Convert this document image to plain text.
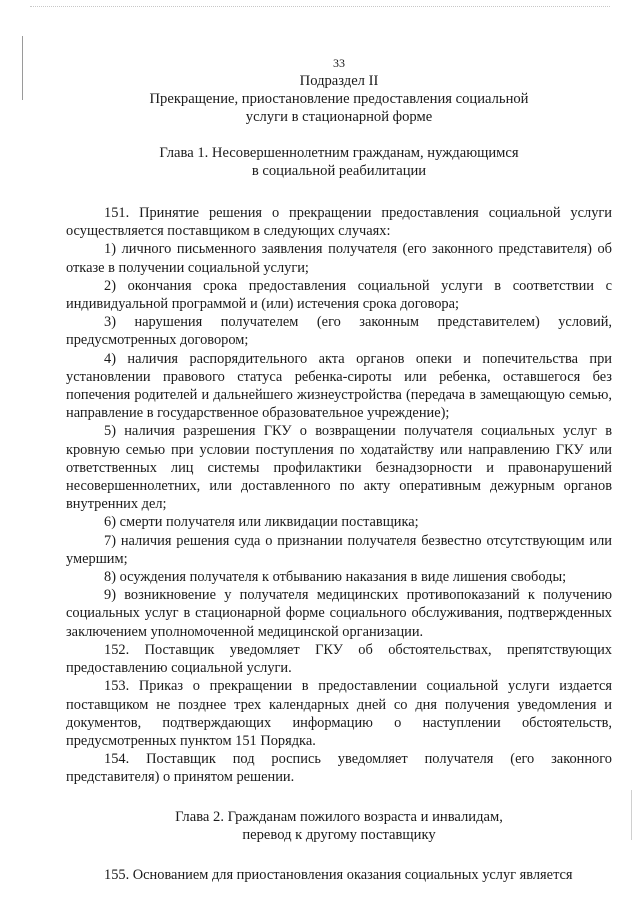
33

Подраздел II

Прекращение, приостановление предоставления социальной

услуги в стационарной форме

Глава 1. Несовершеннолетним гражданам, нуждающимся

в социальной реабилитации

151. Принятие решения о прекращении предоставления социальной услуги осуществляется поставщиком в следующих случаях:

1) личного письменного заявления получателя (его законного представителя) об отказе в получении социальной услуги;

2) окончания срока предоставления социальной услуги в соответствии с индивидуальной программой и (или) истечения срока договора;

3) нарушения получателем (его законным представителем) условий, предусмотренных договором;

4) наличия распорядительного акта органов опеки и попечительства при установлении правового статуса ребенка-сироты или ребенка, оставшегося без попечения родителей и дальнейшего жизнеустройства (передача в замещающую семью, направление в государственное образовательное учреждение);

5) наличия разрешения ГКУ о возвращении получателя социальных услуг в кровную семью при условии поступления по ходатайству или направлению ГКУ или ответственных лиц системы профилактики безнадзорности и правонарушений несовершеннолетних, или доставленного по акту оперативным дежурным органов внутренних дел;

6) смерти получателя или ликвидации поставщика;

7) наличия решения суда о признании получателя безвестно отсутствующим или умершим;

8) осуждения получателя к отбыванию наказания в виде лишения свободы;

9) возникновение у получателя медицинских противопоказаний к получению социальных услуг в стационарной форме социального обслуживания, подтвержденных заключением уполномоченной медицинской организации.

152. Поставщик уведомляет ГКУ об обстоятельствах, препятствующих предоставлению социальной услуги.

153. Приказ о прекращении в предоставлении социальной услуги издается поставщиком не позднее трех календарных дней со дня получения уведомления и документов, подтверждающих информацию о наступлении обстоятельств, предусмотренных пунктом 151 Порядка.

154. Поставщик под роспись уведомляет получателя (его законного представителя) о принятом решении.

Глава 2. Гражданам пожилого возраста и инвалидам,

перевод к другому поставщику

155. Основанием для приостановления оказания социальных услуг является
